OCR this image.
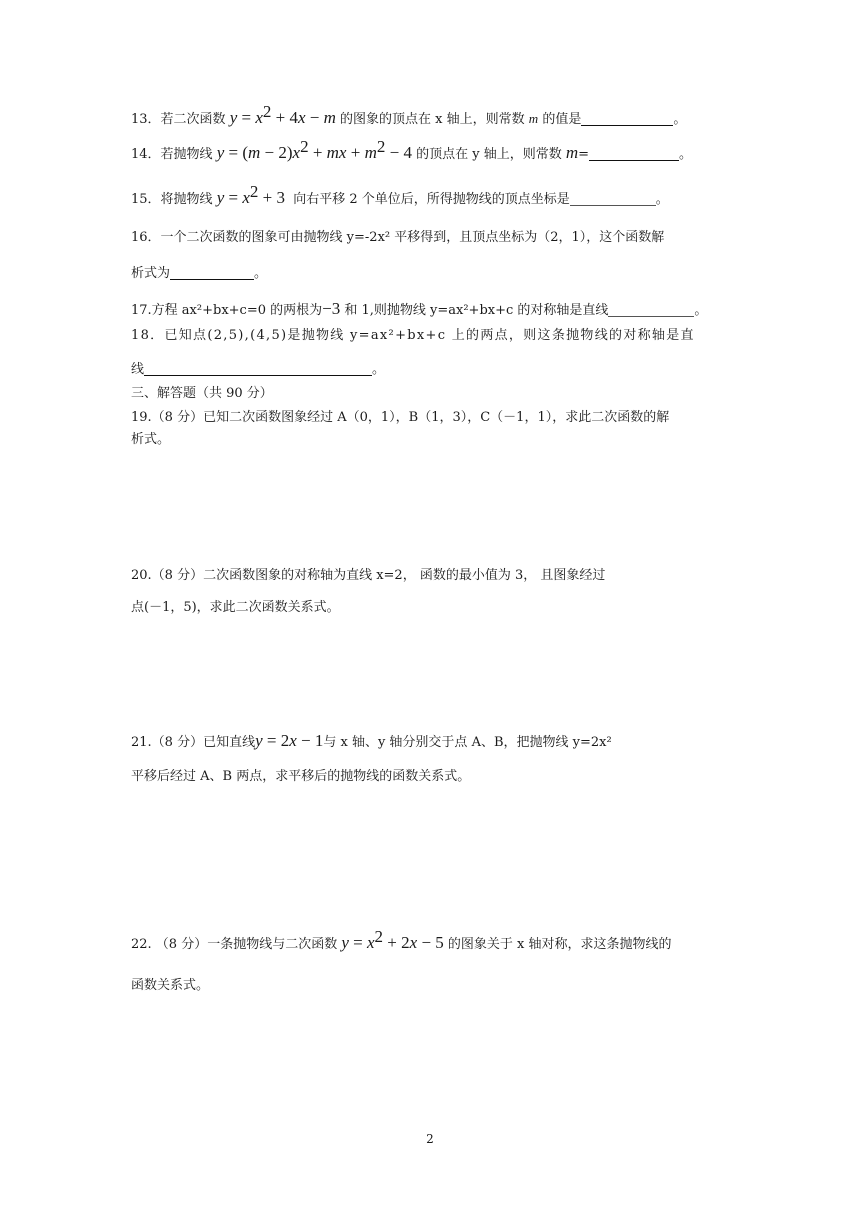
13．若二次函数 $y = x^2 + 4x - m$ 的图象的顶点在 x 轴上，则常数 m 的值是	。
14．若抛物线 $y = (m - 2)x^2$ + mx + $m^2 - 4$ 的顶点在 y 轴上，则常数 m=	。
15．将抛物线 $y = x^2 + 3$ 向右平移 2 个单位后，所得抛物线的顶点坐标是	。
16．一个二次函数的图象可由抛物线 y=-2x² 平移得到，且顶点坐标为（2，1），这个函数解
析式为	。
17.方程 ax²+bx+c=0 的两根为−3 和 1,则抛物线 y=ax²+bx+c 的对称轴是直线	。
18．已知点(2,5),(4,5)是抛物线 y=ax²+bx+c 上的两点，则这条抛物线的对称轴是直
线	。
三、解答题（共 90 分）
19.（8 分）已知二次函数图象经过 A（0，1），B（1，3），C（－1，1），求此二次函数的解
析式。
20.（8 分）二次函数图象的对称轴为直线 x=2， 函数的最小值为 3， 且图象经过
点(－1，5)，求此二次函数关系式。
21.（8 分）已知直线y = 2x − 1与 x 轴、y 轴分别交于点 A、B，把抛物线 y=2x²
平移后经过 A、B 两点，求平移后的抛物线的函数关系式。
22. （8 分）一条抛物线与二次函数 $y = x^2 + 2x - 5$ 的图象关于 x 轴对称，求这条抛物线的
函数关系式。
2
